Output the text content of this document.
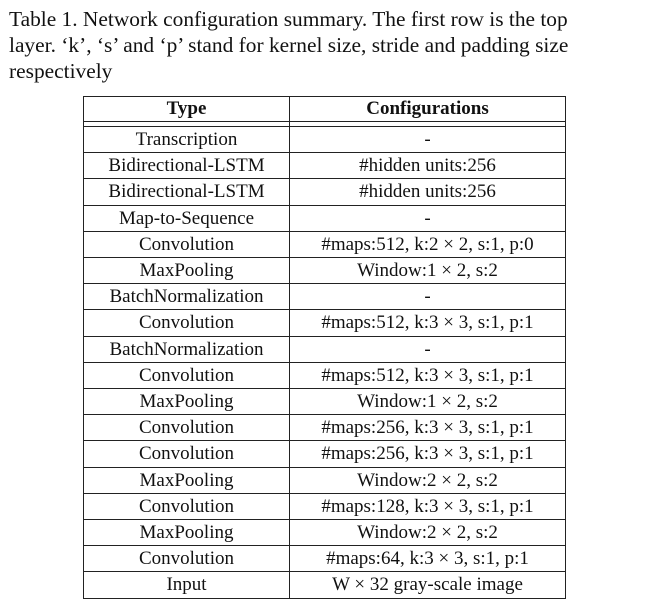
Table 1. Network configuration summary. The first row is the top
layer. ‘k’, ‘s’ and ‘p’ stand for kernel size, stride and padding size
respectively
Type	Configurations

Transcription	-
Bidirectional-LSTM	#hidden units:256
Bidirectional-LSTM	#hidden units:256
Map-to-Sequence	-
Convolution	#maps:512, k:2 × 2, s:1, p:0
MaxPooling	Window:1 × 2, s:2
BatchNormalization	-
Convolution	#maps:512, k:3 × 3, s:1, p:1
BatchNormalization	-
Convolution	#maps:512, k:3 × 3, s:1, p:1
MaxPooling	Window:1 × 2, s:2
Convolution	#maps:256, k:3 × 3, s:1, p:1
Convolution	#maps:256, k:3 × 3, s:1, p:1
MaxPooling	Window:2 × 2, s:2
Convolution	#maps:128, k:3 × 3, s:1, p:1
MaxPooling	Window:2 × 2, s:2
Convolution	#maps:64, k:3 × 3, s:1, p:1
Input	W × 32 gray-scale image
